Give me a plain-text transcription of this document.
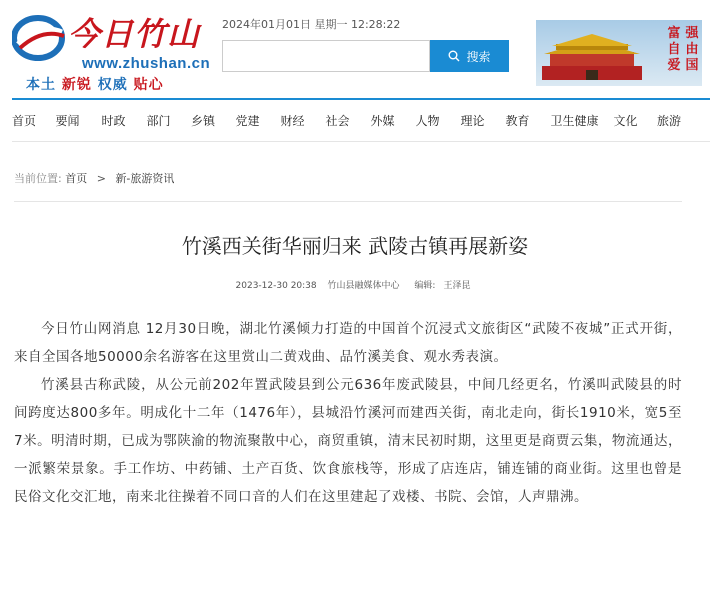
今日竹山
www.zhushan.cn
本土 新锐 权威 贴心
2024年01月01日 星期一 12:28:22
搜索
富
自
爱
强
由
国
首页	要闻	时政	部门	乡镇	党建	财经	社会	外媒	人物	理论	教育	卫生健康	文化	旅游
当前位置: 首页 > 新-旅游资讯
竹溪西关街华丽归来 武陵古镇再展新姿
2023-12-30 20:38 竹山县融媒体中心 编辑: 王泽昆

今日竹山网消息 12月30日晚，湖北竹溪倾力打造的中国首个沉浸式文旅街区“武陵不夜城”正式开街，来自全国各地50000余名游客在这里赏山二黄戏曲、品竹溪美食、观水秀表演。

竹溪县古称武陵，从公元前202年置武陵县到公元636年废武陵县，中间几经更名，竹溪叫武陵县的时间跨度达800多年。明成化十二年（1476年），县城沿竹溪河而建西关街，南北走向，街长1910米，宽5至7米。明清时期，已成为鄂陕渝的物流聚散中心，商贸重镇，清末民初时期，这里更是商贾云集，物流通达，一派繁荣景象。手工作坊、中药铺、土产百货、饮食旅栈等，形成了店连店，铺连铺的商业街。这里也曾是民俗文化交汇地，南来北往操着不同口音的人们在这里建起了戏楼、书院、会馆，人声鼎沸。
